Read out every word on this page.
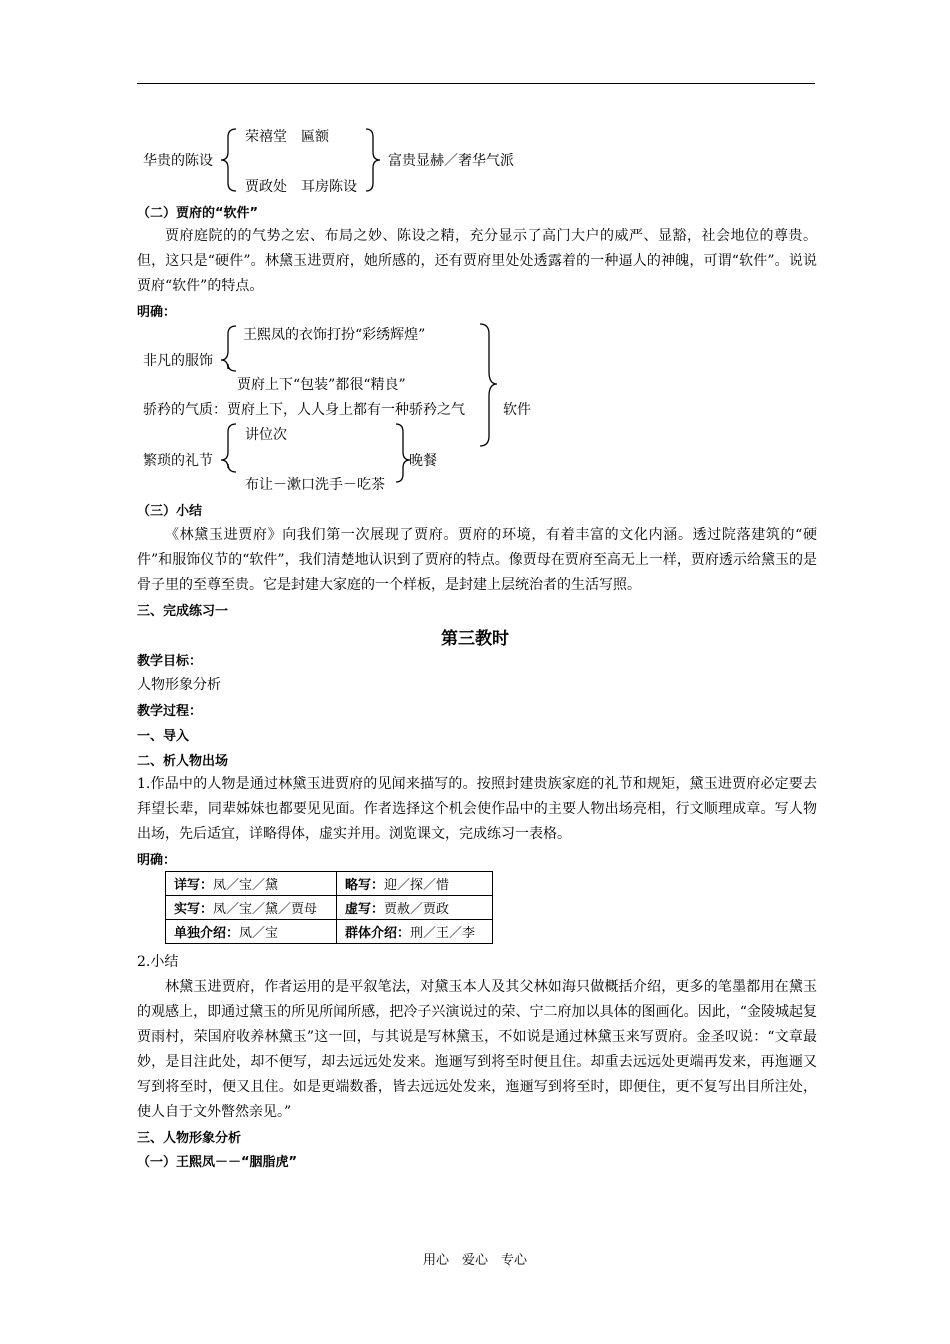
华贵的陈设
荣禧堂　匾额
贾政处　耳房陈设
富贵显赫／奢华气派
（二）贾府的“软件”
贾府庭院的的气势之宏、布局之妙、陈设之精，充分显示了高门大户的威严、显豁，社会地位的尊贵。但，这只是“硬件”。林黛玉进贾府，她所感的，还有贾府里处处透露着的一种逼人的神魄，可谓“软件”。说说贾府“软件”的特点。
明确：
非凡的服饰
王熙凤的衣饰打扮“彩绣辉煌”
贾府上下“包装”都很“精良”
骄矜的气质：贾府上下，人人身上都有一种骄矜之气	软件
繁琐的礼节
讲位次
布让－漱口洗手－吃茶
晚餐
（三）小结
《林黛玉进贾府》向我们第一次展现了贾府。贾府的环境，有着丰富的文化内涵。透过院落建筑的“硬件”和服饰仪节的“软件”，我们清楚地认识到了贾府的特点。像贾母在贾府至高无上一样，贾府透示给黛玉的是骨子里的至尊至贵。它是封建大家庭的一个样板，是封建上层统治者的生活写照。
三、完成练习一
第三教时
教学目标：
人物形象分析
教学过程：
一、导入
二、析人物出场
1.作品中的人物是通过林黛玉进贾府的见闻来描写的。按照封建贵族家庭的礼节和规矩，黛玉进贾府必定要去拜望长辈，同辈姊妹也都要见见面。作者选择这个机会使作品中的主要人物出场亮相，行文顺理成章。写人物出场，先后适宜，详略得体，虚实并用。浏览课文，完成练习一表格。
明确：
详写：凤／宝／黛	略写：迎／探／惜
实写：凤／宝／黛／贾母	虚写：贾赦／贾政
单独介绍：凤／宝	群体介绍：刑／王／李
2.小结
林黛玉进贾府，作者运用的是平叙笔法，对黛玉本人及其父林如海只做概括介绍，更多的笔墨都用在黛玉的观感上，即通过黛玉的所见所闻所感，把冷子兴演说过的荣、宁二府加以具体的图画化。因此，“金陵城起复贾雨村，荣国府收养林黛玉”这一回，与其说是写林黛玉，不如说是通过林黛玉来写贾府。金圣叹说：“文章最妙，是目注此处，却不便写，却去远远处发来。迤逦写到将至时便且住。却重去远远处更端再发来，再迤逦又写到将至时，便又且住。如是更端数番，皆去远远处发来，迤逦写到将至时，即便住，更不复写出目所注处，使人自于文外瞥然亲见。”
三、人物形象分析
（一）王熙凤－－“胭脂虎”
用心　爱心　专心
